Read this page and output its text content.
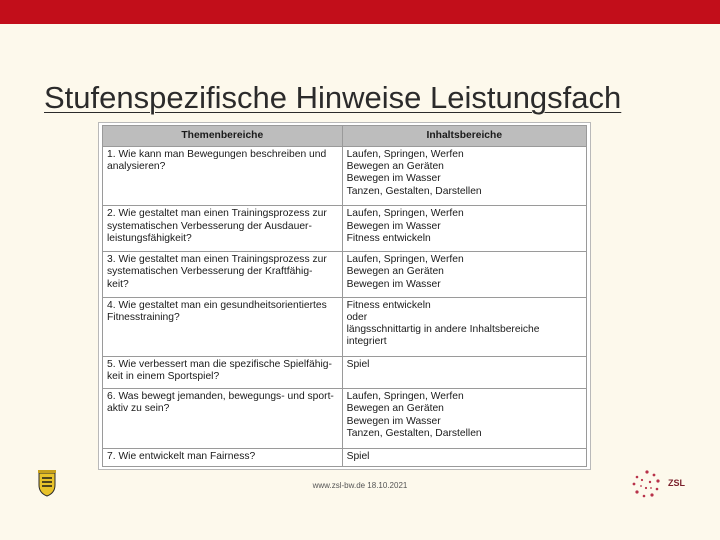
Stufenspezifische Hinweise Leistungsfach
Themenbereiche	Inhaltsbereiche

1. Wie kann man Bewegungen beschreiben und
analysieren?	Laufen, Springen, Werfen
Bewegen an Geräten
Bewegen im Wasser
Tanzen, Gestalten, Darstellen

2. Wie gestaltet man einen Trainingsprozess zur
systematischen Verbesserung der Ausdauer-
leistungsfähigkeit?	Laufen, Springen, Werfen
Bewegen im Wasser
Fitness entwickeln

3. Wie gestaltet man einen Trainingsprozess zur
systematischen Verbesserung der Kraftfähig-
keit?	Laufen, Springen, Werfen
Bewegen an Geräten
Bewegen im Wasser

4. Wie gestaltet man ein gesundheitsorientiertes
Fitnesstraining?	Fitness entwickeln
oder
längsschnittartig in andere Inhaltsbereiche
integriert

5. Wie verbessert man die spezifische Spielfähig-
keit in einem Sportspiel?	Spiel

6. Was bewegt jemanden, bewegungs- und sport-
aktiv zu sein?	Laufen, Springen, Werfen
Bewegen an Geräten
Bewegen im Wasser
Tanzen, Gestalten, Darstellen

7. Wie entwickelt man Fairness?	Spiel
www.zsl-bw.de 18.10.2021	ZSL
